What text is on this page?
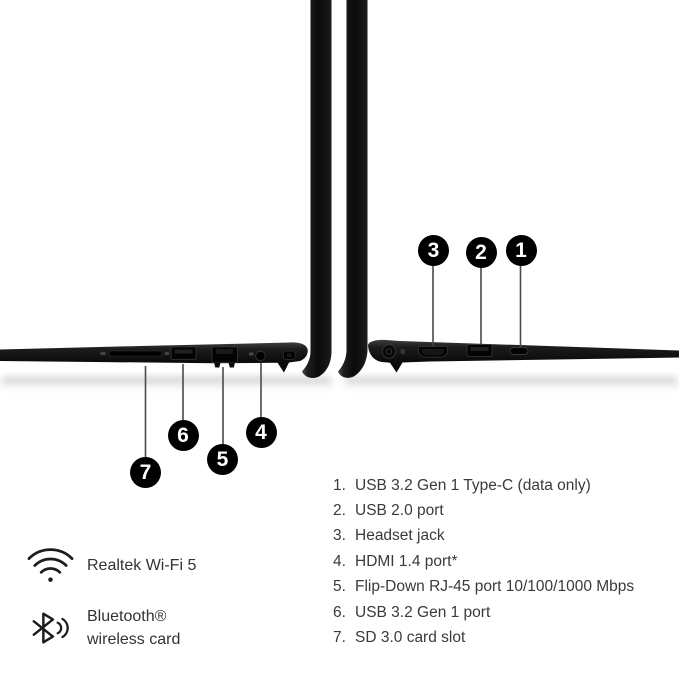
1
2
3
4
5
6
7
1. USB 3.2 Gen 1 Type-C (data only)
2. USB 2.0 port
3. Headset jack
4. HDMI 1.4 port*
5. Flip-Down RJ-45 port 10/100/1000 Mbps
6. USB 3.2 Gen 1 port
7. SD 3.0 card slot
Realtek Wi-Fi 5
Bluetooth®
wireless card
